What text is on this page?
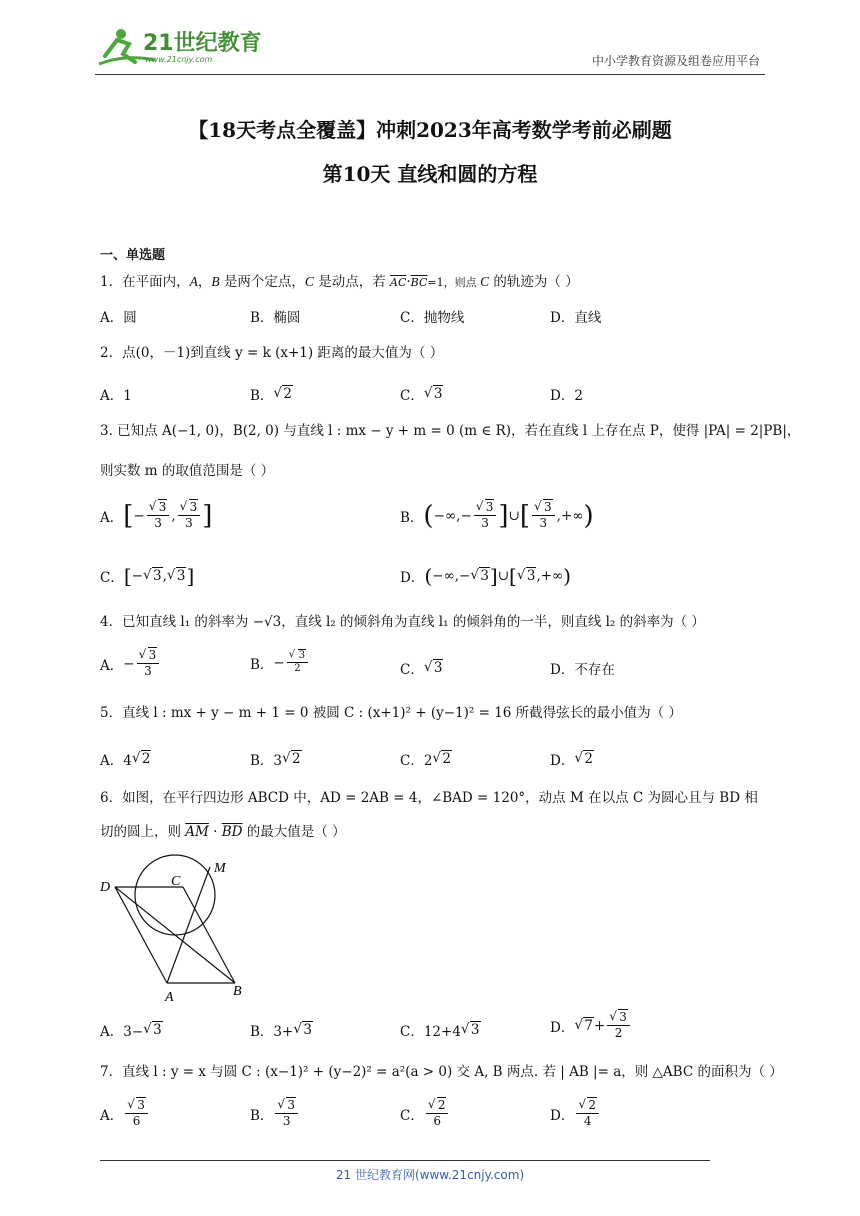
21世纪教育
www.21cnjy.com	中小学教育资源及组卷应用平台
【18天考点全覆盖】冲刺2023年高考数学考前必刷题
第10天 直线和圆的方程
一、单选题
1．在平面内，A，B 是两个定点，C 是动点，若 $\overline{AC}\cdot\overline{BC}=1$，则点 C 的轨迹为（ ）
A．圆	B．椭圆	C．抛物线	D．直线
2．点(0，－1)到直线 y = k (x+1) 距离的最大值为（ ）
A．1	B． √ 2	C． √ 3	D．2
3. 已知点 A(−1, 0)，B(2, 0) 与直线 l : mx − y + m = 0 (m ∈ R)，若在直线 l 上存在点 P，使得 |PA| = 2|PB|，
则实数 m 的取值范围是（ ）
A． [ − √ $\frac{3}{3}$ , √ $\frac{3}{3}$ ]	B． ( −∞, − √ $\frac{3}{3}$ ] ∪ [ √ $\frac{3}{3}$ ,+∞ )
C． [ − √ 3 , √ 3 ]	D． ( −∞, − √ 3 ] ∪ [ √ 3 ,+∞ )
4．已知直线 l₁ 的斜率为 −√3，直线 l₂ 的倾斜角为直线 l₁ 的倾斜角的一半，则直线 l₂ 的斜率为（ ）
A． − √ $\frac{3}{3}$	B． − √ $\frac{3}{2}$	C． √ 3	D．不存在
5．直线 l : mx + y − m + 1 = 0 被圆 C : (x+1)² + (y−1)² = 16 所截得弦长的最小值为（ ）
A．4 √ 2	B．3 √ 2	C．2 √ 2	D． √ 2
6．如图，在平行四边形 ABCD 中，AD = 2AB = 4，∠BAD = 120°，动点 M 在以点 C 为圆心且与 BD 相
切的圆上，则 $\overline{AM} \cdot \overline{BD}$ 的最大值是（ ）
D	C
M
A	B
A．3− √ 3	B．3+ √ 3	C．12+4 √ 3	D． √ 7 + √ $\frac{3}{2}$
7．直线 l : y = x 与圆 C : (x−1)² + (y−2)² = a²(a > 0) 交 A, B 两点. 若 | AB |= a，则 △ABC 的面积为（ ）
A． √ $\frac{3}{6}$	B． √ $\frac{3}{3}$	C． √ $\frac{2}{6}$	D． √ $\frac{2}{4}$
21 世纪教育网(www.21cnjy.com)
